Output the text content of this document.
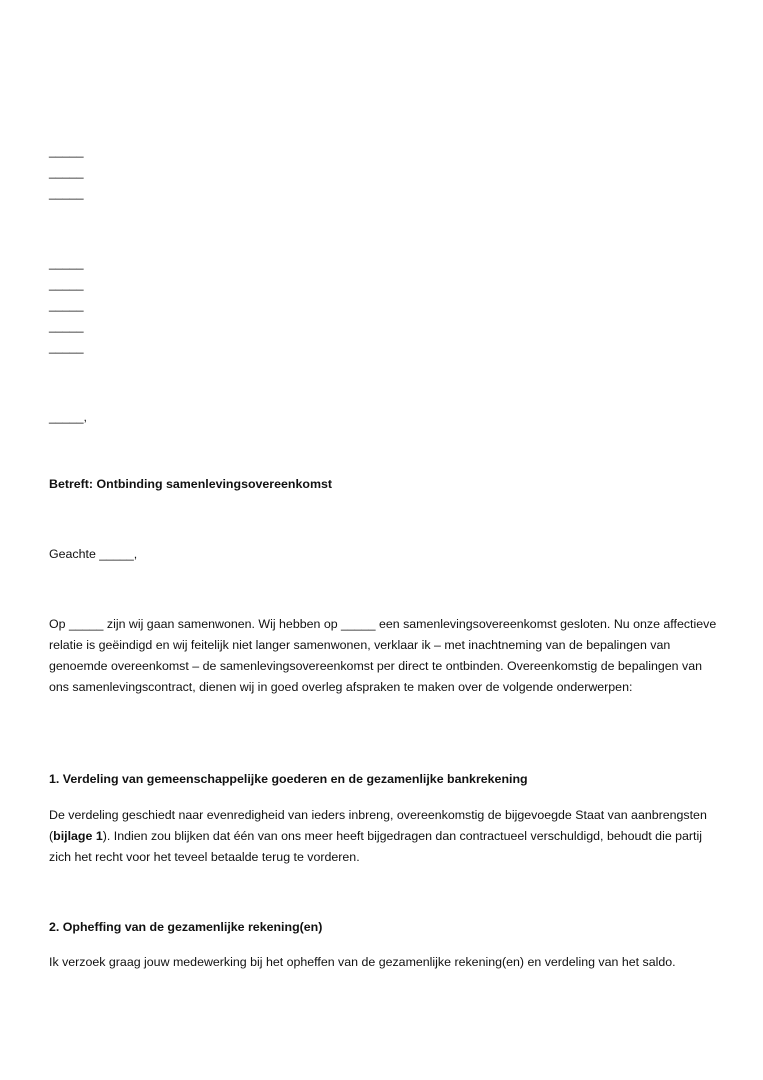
_____
_____
_____
_____
_____
_____
_____
_____
_____,
Betreft: Ontbinding samenlevingsovereenkomst
Geachte _____,

Op _____ zijn wij gaan samenwonen. Wij hebben op _____ een samenlevingsovereenkomst gesloten. Nu onze affectieve relatie is geëindigd en wij feitelijk niet langer samenwonen, verklaar ik – met inachtneming van de bepalingen van genoemde overeenkomst – de samenlevingsovereenkomst per direct te ontbinden. Overeenkomstig de bepalingen van ons samenlevingscontract, dienen wij in goed overleg afspraken te maken over de volgende onderwerpen:

1. Verdeling van gemeenschappelijke goederen en de gezamenlijke bankrekening

De verdeling geschiedt naar evenredigheid van ieders inbreng, overeenkomstig de bijgevoegde Staat van aanbrengsten (bijlage 1). Indien zou blijken dat één van ons meer heeft bijgedragen dan contractueel verschuldigd, behoudt die partij zich het recht voor het teveel betaalde terug te vorderen.

2. Opheffing van de gezamenlijke rekening(en)

Ik verzoek graag jouw medewerking bij het opheffen van de gezamenlijke rekening(en) en verdeling van het saldo.
